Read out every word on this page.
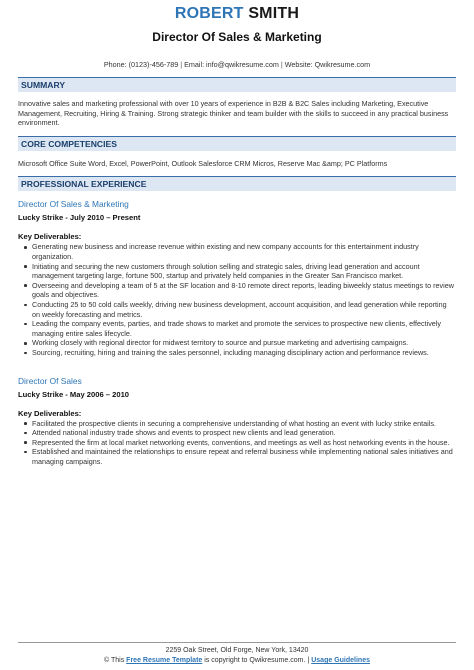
ROBERT SMITH
Director Of Sales & Marketing
Phone: (0123)-456-789 | Email: info@qwikresume.com | Website: Qwikresume.com
SUMMARY
Innovative sales and marketing professional with over 10 years of experience in B2B & B2C Sales including Marketing, Executive Management, Recruiting, Hiring & Training. Strong strategic thinker and team builder with the skills to succeed in any practical business environment.
CORE COMPETENCIES
Microsoft Office Suite Word, Excel, PowerPoint, Outlook Salesforce CRM Micros, Reserve Mac &amp; PC Platforms
PROFESSIONAL EXPERIENCE
Director Of Sales & Marketing
Lucky Strike - July 2010 – Present
Key Deliverables:
Generating new business and increase revenue within existing and new company accounts for this entertainment industry organization.
Initiating and securing the new customers through solution selling and strategic sales, driving lead generation and account management targeting large, fortune 500, startup and privately held companies in the Greater San Francisco market.
Overseeing and developing a team of 5 at the SF location and 8-10 remote direct reports, leading biweekly status meetings to review goals and objectives.
Conducting 25 to 50 cold calls weekly, driving new business development, account acquisition, and lead generation while reporting on weekly forecasting and metrics.
Leading the company events, parties, and trade shows to market and promote the services to prospective new clients, effectively managing entire sales lifecycle.
Working closely with regional director for midwest territory to source and pursue marketing and advertising campaigns.
Sourcing, recruiting, hiring and training the sales personnel, including managing disciplinary action and performance reviews.
Director Of Sales
Lucky Strike - May 2006 – 2010
Key Deliverables:
Facilitated the prospective clients in securing a comprehensive understanding of what hosting an event with lucky strike entails.
Attended national industry trade shows and events to prospect new clients and lead generation.
Represented the firm at local market networking events, conventions, and meetings as well as host networking events in the house.
Established and maintained the relationships to ensure repeat and referral business while implementing national sales initiatives and managing campaigns.
2259 Oak Street, Old Forge, New York, 13420
© This Free Resume Template is copyright to Qwikresume.com. | Usage Guidelines
